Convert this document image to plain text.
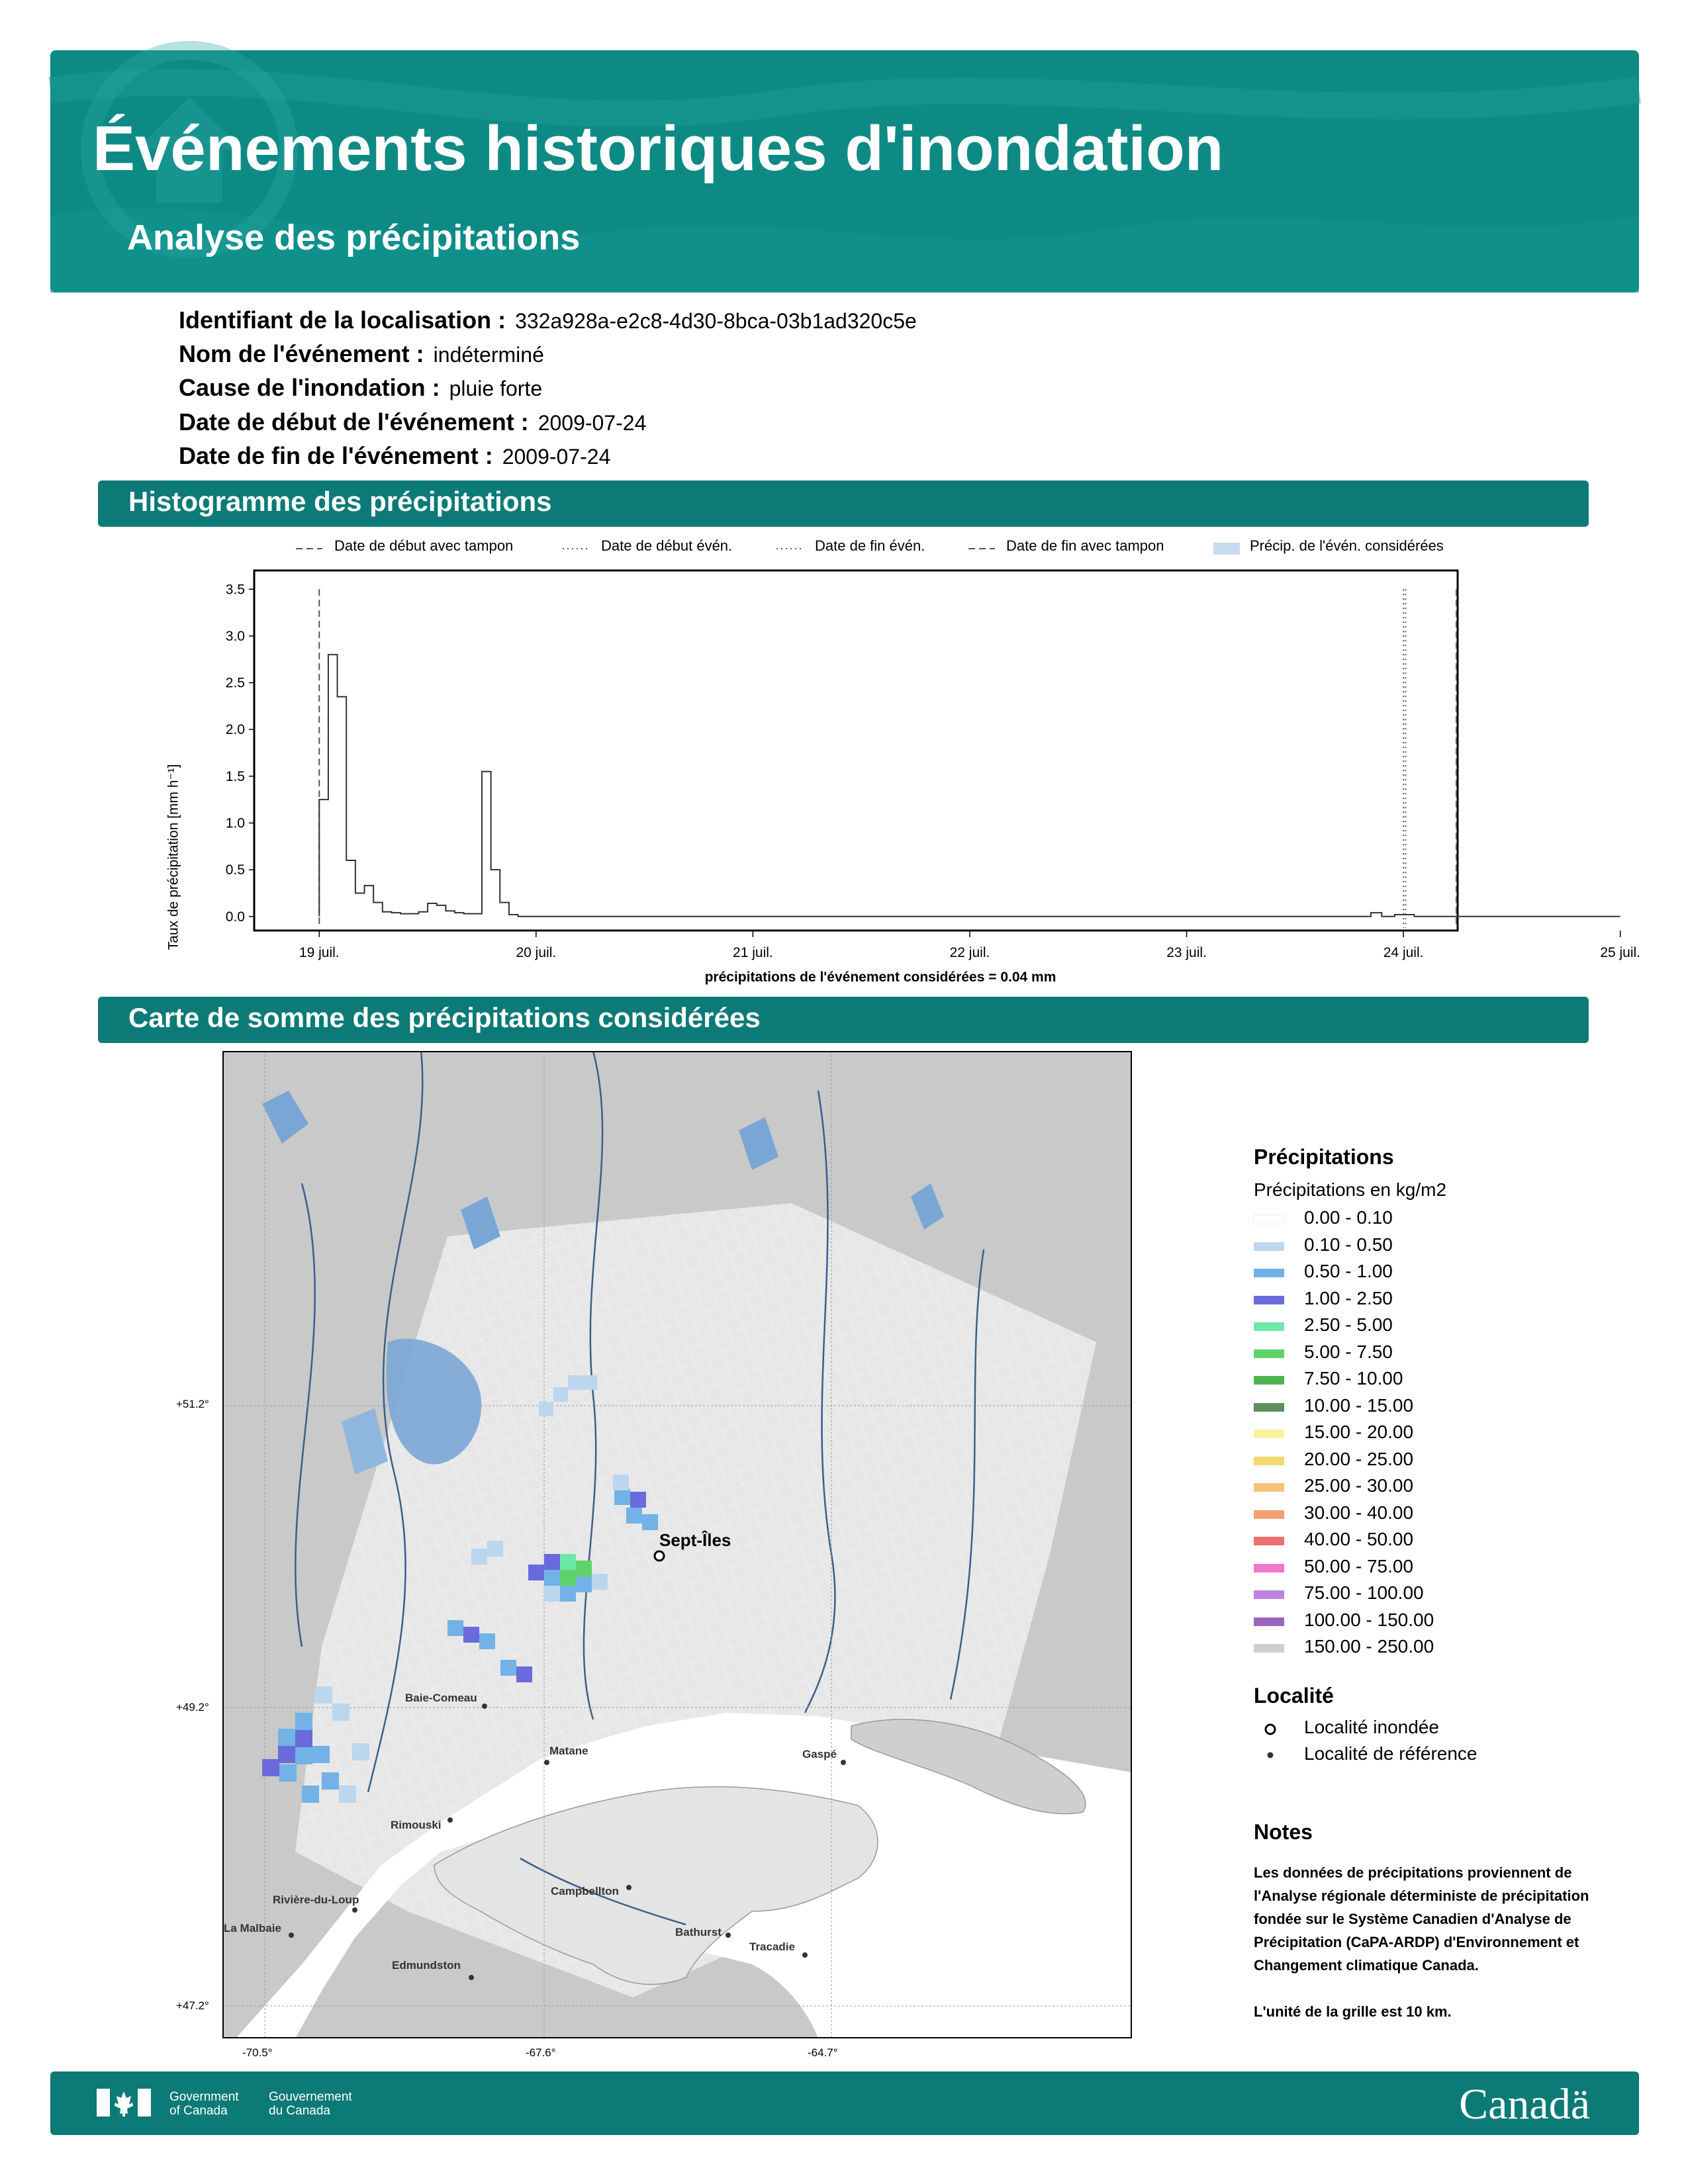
Événements historiques d'inondation
Analyse des précipitations
Identifiant de la localisation : 332a928a-e2c8-4d30-8bca-03b1ad320c5e
Nom de l'événement : indéterminé
Cause de l'inondation : pluie forte
Date de début de l'événement : 2009-07-24
Date de fin de l'événement : 2009-07-24
Histogramme des précipitations
Date de début avec tampon	Date de début évén.	Date de fin évén.	Date de fin avec tampon	Précip. de l'évén. considérées
0.0
0.5
1.0
1.5
2.0
2.5
3.0
3.5
19 juil.	20 juil.	21 juil.	22 juil.	23 juil.	24 juil.	25 juil.
Taux de précipitation [mm h⁻¹]
précipitations de l'événement considérées = 0.04 mm
Carte de somme des précipitations considérées
Sept-Îles
Baie-Comeau
Matane	Gaspé
Rimouski
Rivière-du-Loup
La Malbaie
Campbellton
Bathurst
Tracadie
Edmundston
+51.2°
+49.2°
+47.2°
-70.5°	-67.6°	-64.7°
Précipitations
Précipitations en kg/m2
0.00 - 0.10
0.10 - 0.50
0.50 - 1.00
1.00 - 2.50
2.50 - 5.00
5.00 - 7.50
7.50 - 10.00
10.00 - 15.00
15.00 - 20.00
20.00 - 25.00
25.00 - 30.00
30.00 - 40.00
40.00 - 50.00
50.00 - 75.00
75.00 - 100.00
100.00 - 150.00
150.00 - 250.00
Localité
Localité inondée
Localité de référence
Notes
Les données de précipitations proviennent de l'Analyse régionale déterministe de précipitation fondée sur le Système Canadien d'Analyse de Précipitation (CaPA-ARDP) d'Environnement et Changement climatique Canada.
L'unité de la grille est 10 km.
Government
of Canada
Gouvernement
du Canada	Canadä
